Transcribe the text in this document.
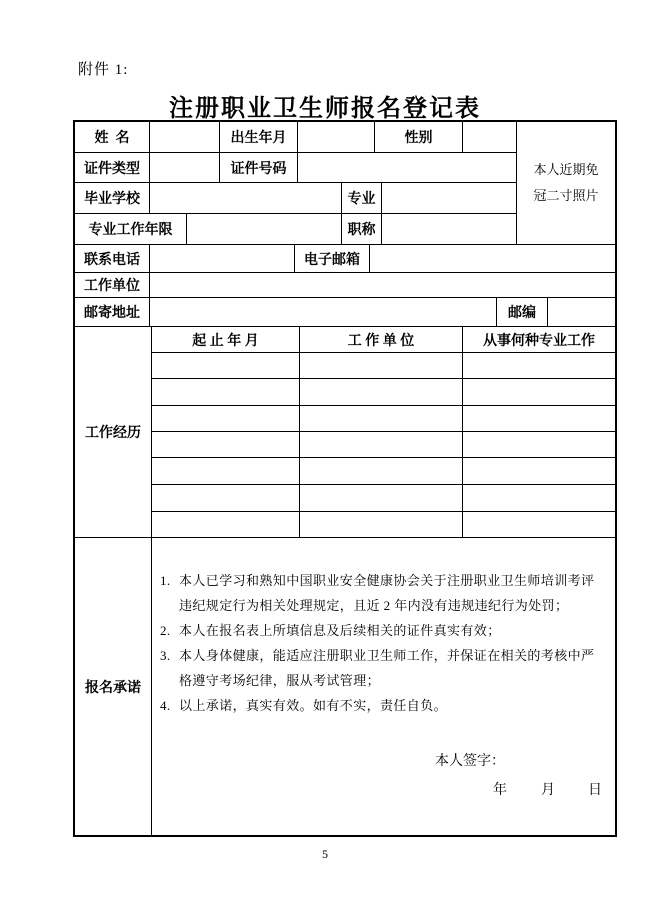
附件 1:
注册职业卫生师报名登记表
姓  名	出生年月	性别
本人近期免
冠二寸照片
证件类型	证件号码
毕业学校	专业
专业工作年限	职称
联系电话	电子邮箱
工作单位
邮寄地址	邮编
工作经历
起 止 年 月	工 作 单 位	从事何种专业工作
报名承诺
1. 本人已学习和熟知中国职业安全健康协会关于注册职业卫生师培训考评违纪规定行为相关处理规定，且近 2 年内没有违规违纪行为处罚；
2. 本人在报名表上所填信息及后续相关的证件真实有效；
3. 本人身体健康，能适应注册职业卫生师工作，并保证在相关的考核中严格遵守考场纪律，服从考试管理；
4. 以上承诺，真实有效。如有不实，责任自负。
本人签字：
年 月 日
5
